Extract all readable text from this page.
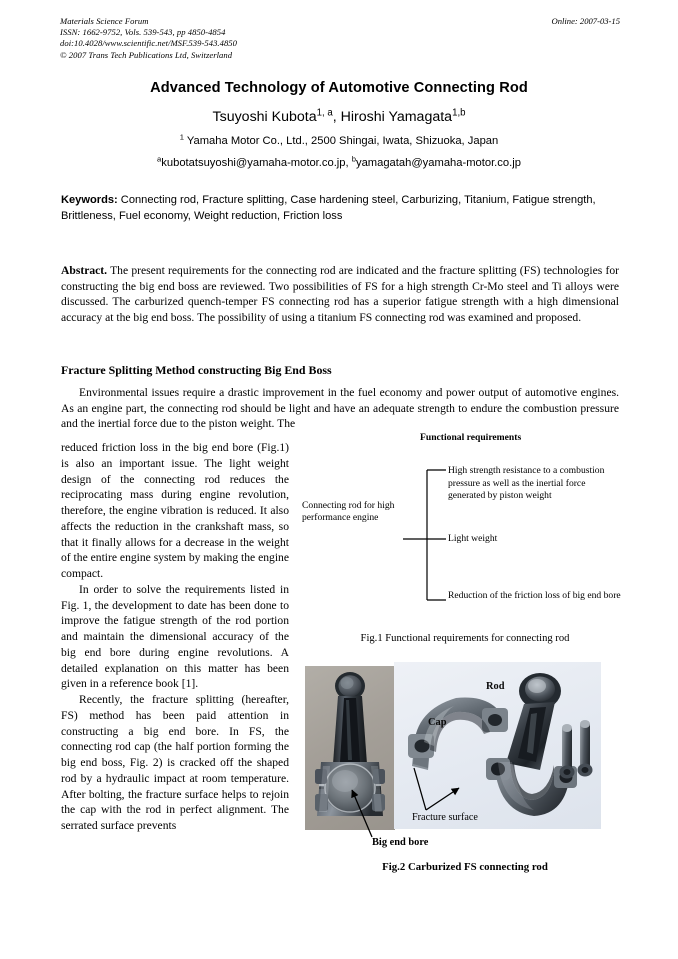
Online: 2007-03-15
Materials Science Forum
ISSN: 1662-9752, Vols. 539-543, pp 4850-4854
doi:10.4028/www.scientific.net/MSF.539-543.4850
© 2007 Trans Tech Publications Ltd, Switzerland
Advanced Technology of Automotive Connecting Rod
Tsuyoshi Kubota$^{1, a}$, Hiroshi Yamagata$^{1,b}$
$^1$ Yamaha Motor Co., Ltd., 2500 Shingai, Iwata, Shizuoka, Japan
$^a$kubotatsuyoshi@yamaha-motor.co.jp, $^b$yamagatah@yamaha-motor.co.jp
Keywords: Connecting rod, Fracture splitting, Case hardening steel, Carburizing, Titanium, Fatigue strength, Brittleness, Fuel economy, Weight reduction, Friction loss
Abstract. The present requirements for the connecting rod are indicated and the fracture splitting (FS) technologies for constructing the big end boss are reviewed. Two possibilities of FS for a high strength Cr-Mo steel and Ti alloys were discussed. The carburized quench-temper FS connecting rod has a superior fatigue strength with a high dimensional accuracy at the big end boss. The possibility of using a titanium FS connecting rod was examined and proposed.
Fracture Splitting Method constructing Big End Boss
Environmental issues require a drastic improvement in the fuel economy and power output of automotive engines. As an engine part, the connecting rod should be light and have an adequate strength to endure the combustion pressure and the inertial force due to the piston weight. The

reduced friction loss in the big end bore (Fig.1) is also an important issue. The light weight design of the connecting rod reduces the reciprocating mass during engine revolution, therefore, the engine vibration is reduced. It also affects the reduction in the crankshaft mass, so that it finally allows for a decrease in the weight of the entire engine system by making the engine compact.

In order to solve the requirements listed in Fig. 1, the development to date has been done to improve the fatigue strength of the rod portion and maintain the dimensional accuracy of the big end bore during engine revolutions. A detailed explanation on this matter has been given in a reference book [1].

Recently, the fracture splitting (hereafter, FS) method has been paid attention in constructing a big end bore. In FS, the connecting rod cap (the half portion forming the big end boss, Fig. 2) is cracked off the shaped rod by a hydraulic impact at room temperature. After bolting, the fracture surface helps to rejoin the cap with the rod in perfect alignment. The serrated surface prevents

Functional requirements
Connecting rod for high performance engine
High strength resistance to a combustion pressure as well as the inertial force generated by piston weight
Light weight
Reduction of the friction loss of big end bore
Fig.1 Functional requirements for connecting rod
Rod
Cap
Fracture surface
Big end bore
Fig.2 Carburized FS connecting rod
